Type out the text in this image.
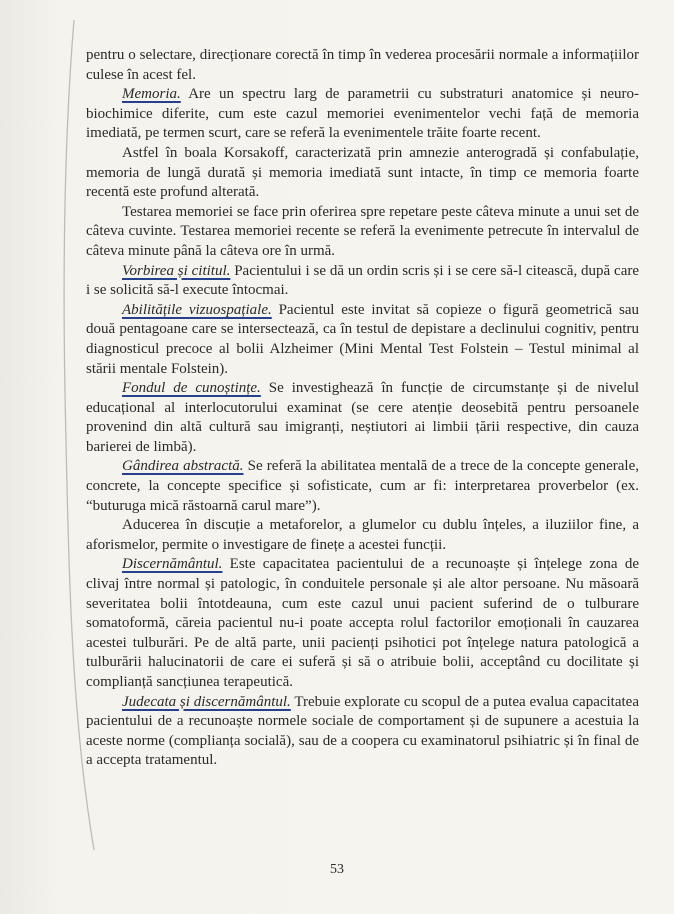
pentru o selectare, direcționare corectă în timp în vederea procesării normale a informațiilor culese în acest fel.

Memoria. Are un spectru larg de parametrii cu substraturi anatomice și neuro-biochimice diferite, cum este cazul memoriei evenimentelor vechi față de memoria imediată, pe termen scurt, care se referă la evenimentele trăite foarte recent.

Astfel în boala Korsakoff, caracterizată prin amnezie anterogradă și confabulație, memoria de lungă durată și memoria imediată sunt intacte, în timp ce memoria foarte recentă este profund alterată.

Testarea memoriei se face prin oferirea spre repetare peste câteva minute a unui set de câteva cuvinte. Testarea memoriei recente se referă la evenimente petrecute în intervalul de câteva minute până la câteva ore în urmă.

Vorbirea și cititul. Pacientului i se dă un ordin scris și i se cere să-l citească, după care i se solicită să-l execute întocmai.

Abilitățile vizuospațiale. Pacientul este invitat să copieze o figură geometrică sau două pentagoane care se intersectează, ca în testul de depistare a declinului cognitiv, pentru diagnosticul precoce al bolii Alzheimer (Mini Mental Test Folstein – Testul minimal al stării mentale Folstein).

Fondul de cunoștințe. Se investighează în funcție de circumstanțe și de nivelul educațional al interlocutorului examinat (se cere atenție deosebită pentru persoanele provenind din altă cultură sau imigranți, neștiutori ai limbii țării respective, din cauza barierei de limbă).

Gândirea abstractă. Se referă la abilitatea mentală de a trece de la concepte generale, concrete, la concepte specifice și sofisticate, cum ar fi: interpretarea proverbelor (ex. “buturuga mică răstoarnă carul mare”).

Aducerea în discuție a metaforelor, a glumelor cu dublu înțeles, a iluziilor fine, a aforismelor, permite o investigare de finețe a acestei funcții.

Discernământul. Este capacitatea pacientului de a recunoaște și înțelege zona de clivaj între normal și patologic, în conduitele personale și ale altor persoane. Nu măsoară severitatea bolii întotdeauna, cum este cazul unui pacient suferind de o tulburare somatoformă, căreia pacientul nu-i poate accepta rolul factorilor emoționali în cauzarea acestei tulburări. Pe de altă parte, unii pacienți psihotici pot înțelege natura patologică a tulburării halucinatorii de care ei suferă și să o atribuie bolii, acceptând cu docilitate și complianță sancțiunea terapeutică.

Judecata și discernământul. Trebuie explorate cu scopul de a putea evalua capacitatea pacientului de a recunoaște normele sociale de comportament și de supunere a acestuia la aceste norme (complianța socială), sau de a coopera cu examinatorul psihiatric și în final de a accepta tratamentul.

53
